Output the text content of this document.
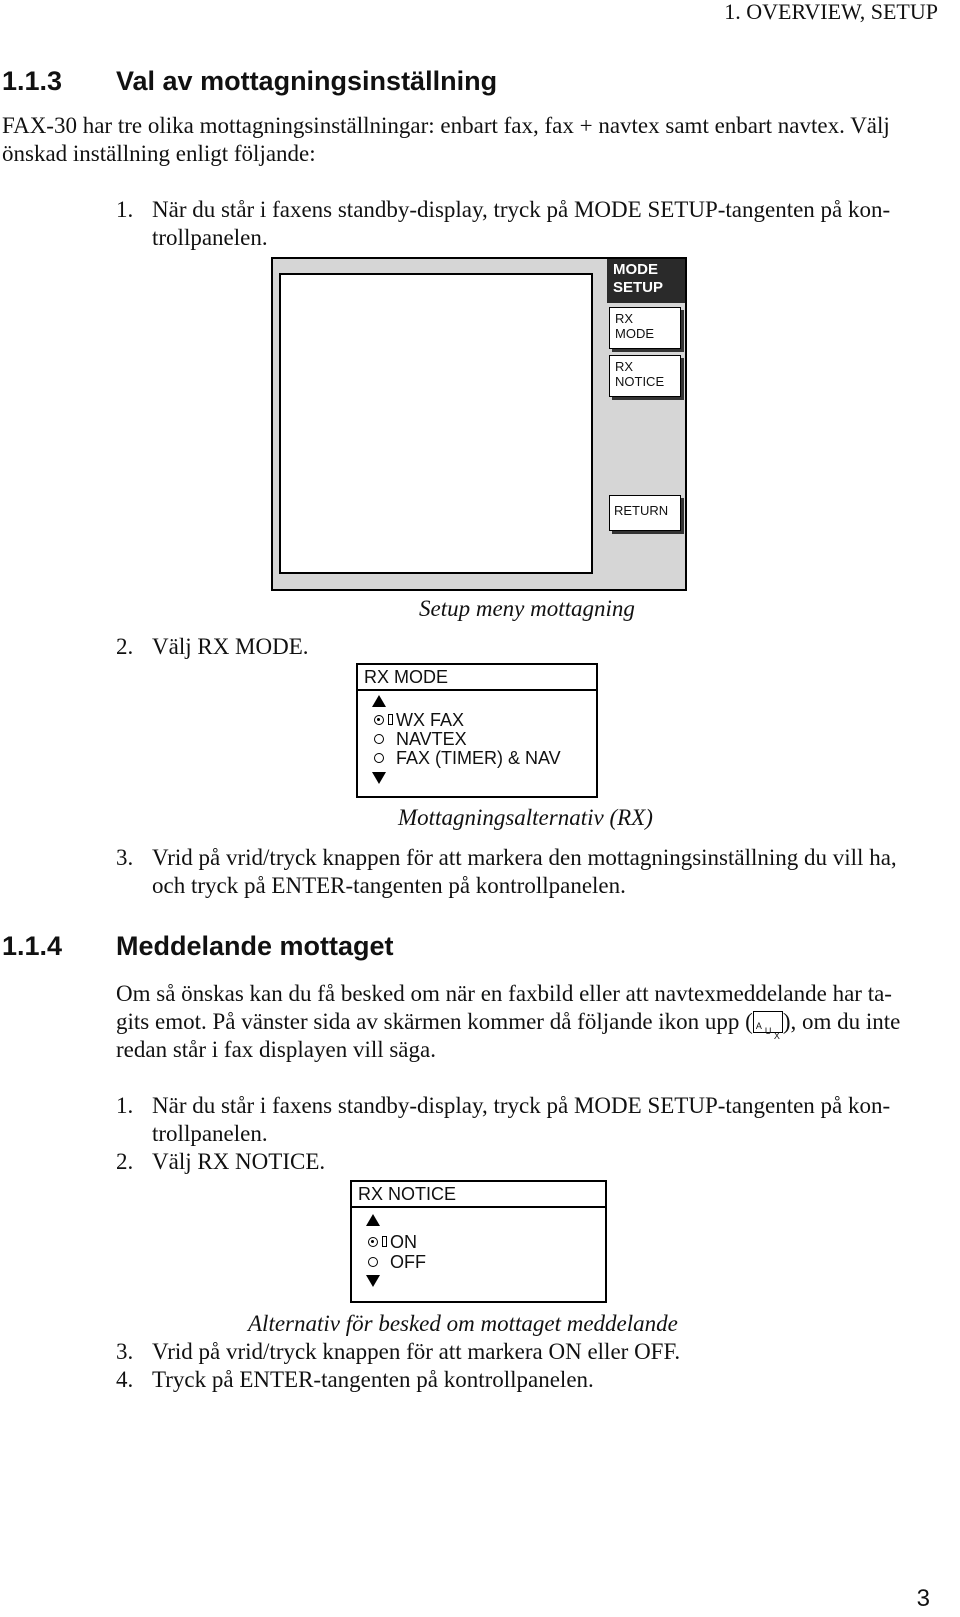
1. OVERVIEW, SETUP
1.1.3 Val av mottagningsinställning
FAX-30 har tre olika mottagningsinställningar: enbart fax, fax + navtex samt enbart navtex. Välj
önskad inställning enligt följande:
1. När du står i faxens standby-display, tryck på MODE SETUP-tangenten på kon-
trollpanelen.
MODE
SETUP
RX
MODE
RX
NOTICE
RETURN
Setup meny mottagning
2. Välj RX MODE.
RX MODE
WX FAX
NAVTEX
FAX (TIMER) & NAV
Mottagningsalternativ (RX)
3. Vrid på vrid/tryck knappen för att markera den mottagningsinställning du vill ha,
och tryck på ENTER-tangenten på kontrollpanelen.
1.1.4 Meddelande mottaget
Om så önskas kan du få besked om när en faxbild eller att navtexmeddelande har ta-
gits emot. På vänster sida av skärmen kommer då följande ikon upp ( A U X
), om du inte
redan står i fax displayen vill säga.
1. När du står i faxens standby-display, tryck på MODE SETUP-tangenten på kon-
trollpanelen.
2. Välj RX NOTICE.
RX NOTICE
ON
OFF
Alternativ för besked om mottaget meddelande
3. Vrid på vrid/tryck knappen för att markera ON eller OFF.
4. Tryck på ENTER-tangenten på kontrollpanelen.
3
